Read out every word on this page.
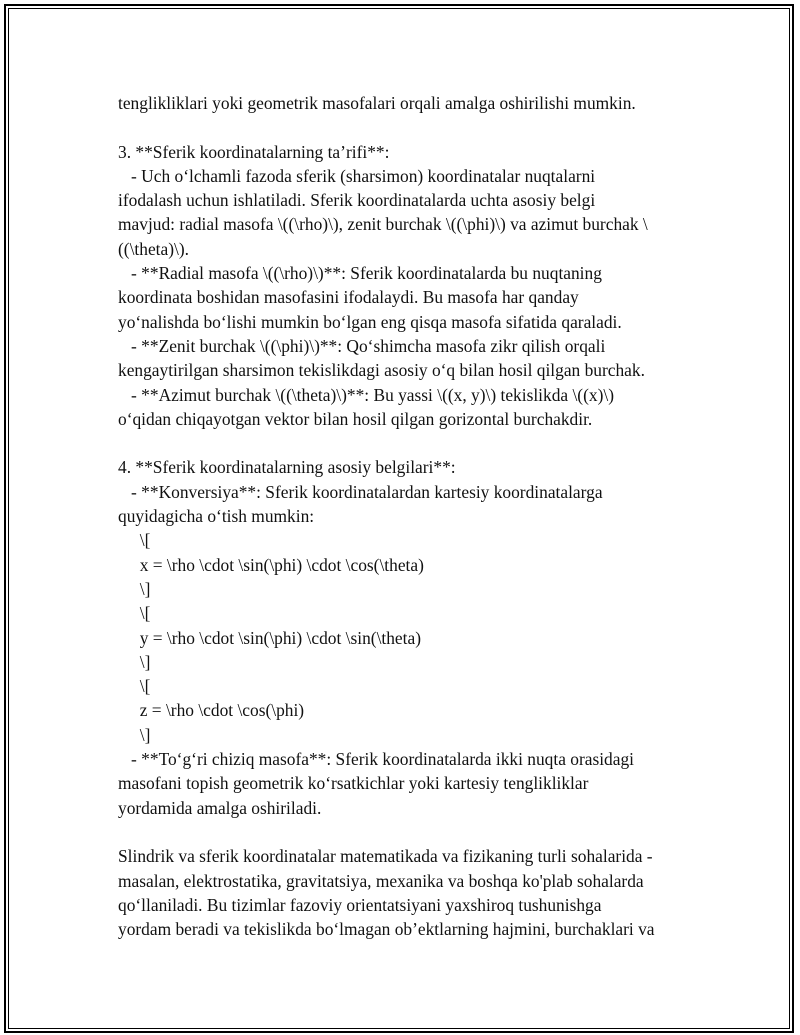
tenglikliklari yoki geometrik masofalari orqali amalga oshirilishi mumkin.
3. **Sferik koordinatalarning ta’rifi**:
- Uch o‘lchamli fazoda sferik (sharsimon) koordinatalar nuqtalarni
ifodalash uchun ishlatiladi. Sferik koordinatalarda uchta asosiy belgi
mavjud: radial masofa \((\rho)\), zenit burchak \((\phi)\) va azimut burchak \
((\theta)\).
- **Radial masofa \((\rho)\)**: Sferik koordinatalarda bu nuqtaning
koordinata boshidan masofasini ifodalaydi. Bu masofa har qanday
yo‘nalishda bo‘lishi mumkin bo‘lgan eng qisqa masofa sifatida qaraladi.
- **Zenit burchak \((\phi)\)**: Qo‘shimcha masofa zikr qilish orqali
kengaytirilgan sharsimon tekislikdagi asosiy o‘q bilan hosil qilgan burchak.
- **Azimut burchak \((\theta)\)**: Bu yassi \((x, y)\) tekislikda \((x)\)
o‘qidan chiqayotgan vektor bilan hosil qilgan gorizontal burchakdir.
4. **Sferik koordinatalarning asosiy belgilari**:
- **Konversiya**: Sferik koordinatalardan kartesiy koordinatalarga
quyidagicha o‘tish mumkin:
\[
x = \rho \cdot \sin(\phi) \cdot \cos(\theta)
\]
\[
y = \rho \cdot \sin(\phi) \cdot \sin(\theta)
\]
\[
z = \rho \cdot \cos(\phi)
\]
- **To‘g‘ri chiziq masofa**: Sferik koordinatalarda ikki nuqta orasidagi
masofani topish geometrik ko‘rsatkichlar yoki kartesiy tenglikliklar
yordamida amalga oshiriladi.
Slindrik va sferik koordinatalar matematikada va fizikaning turli sohalarida -
masalan, elektrostatika, gravitatsiya, mexanika va boshqa ko'plab sohalarda
qo‘llaniladi. Bu tizimlar fazoviy orientatsiyani yaxshiroq tushunishga
yordam beradi va tekislikda bo‘lmagan ob’ektlarning hajmini, burchaklari va
